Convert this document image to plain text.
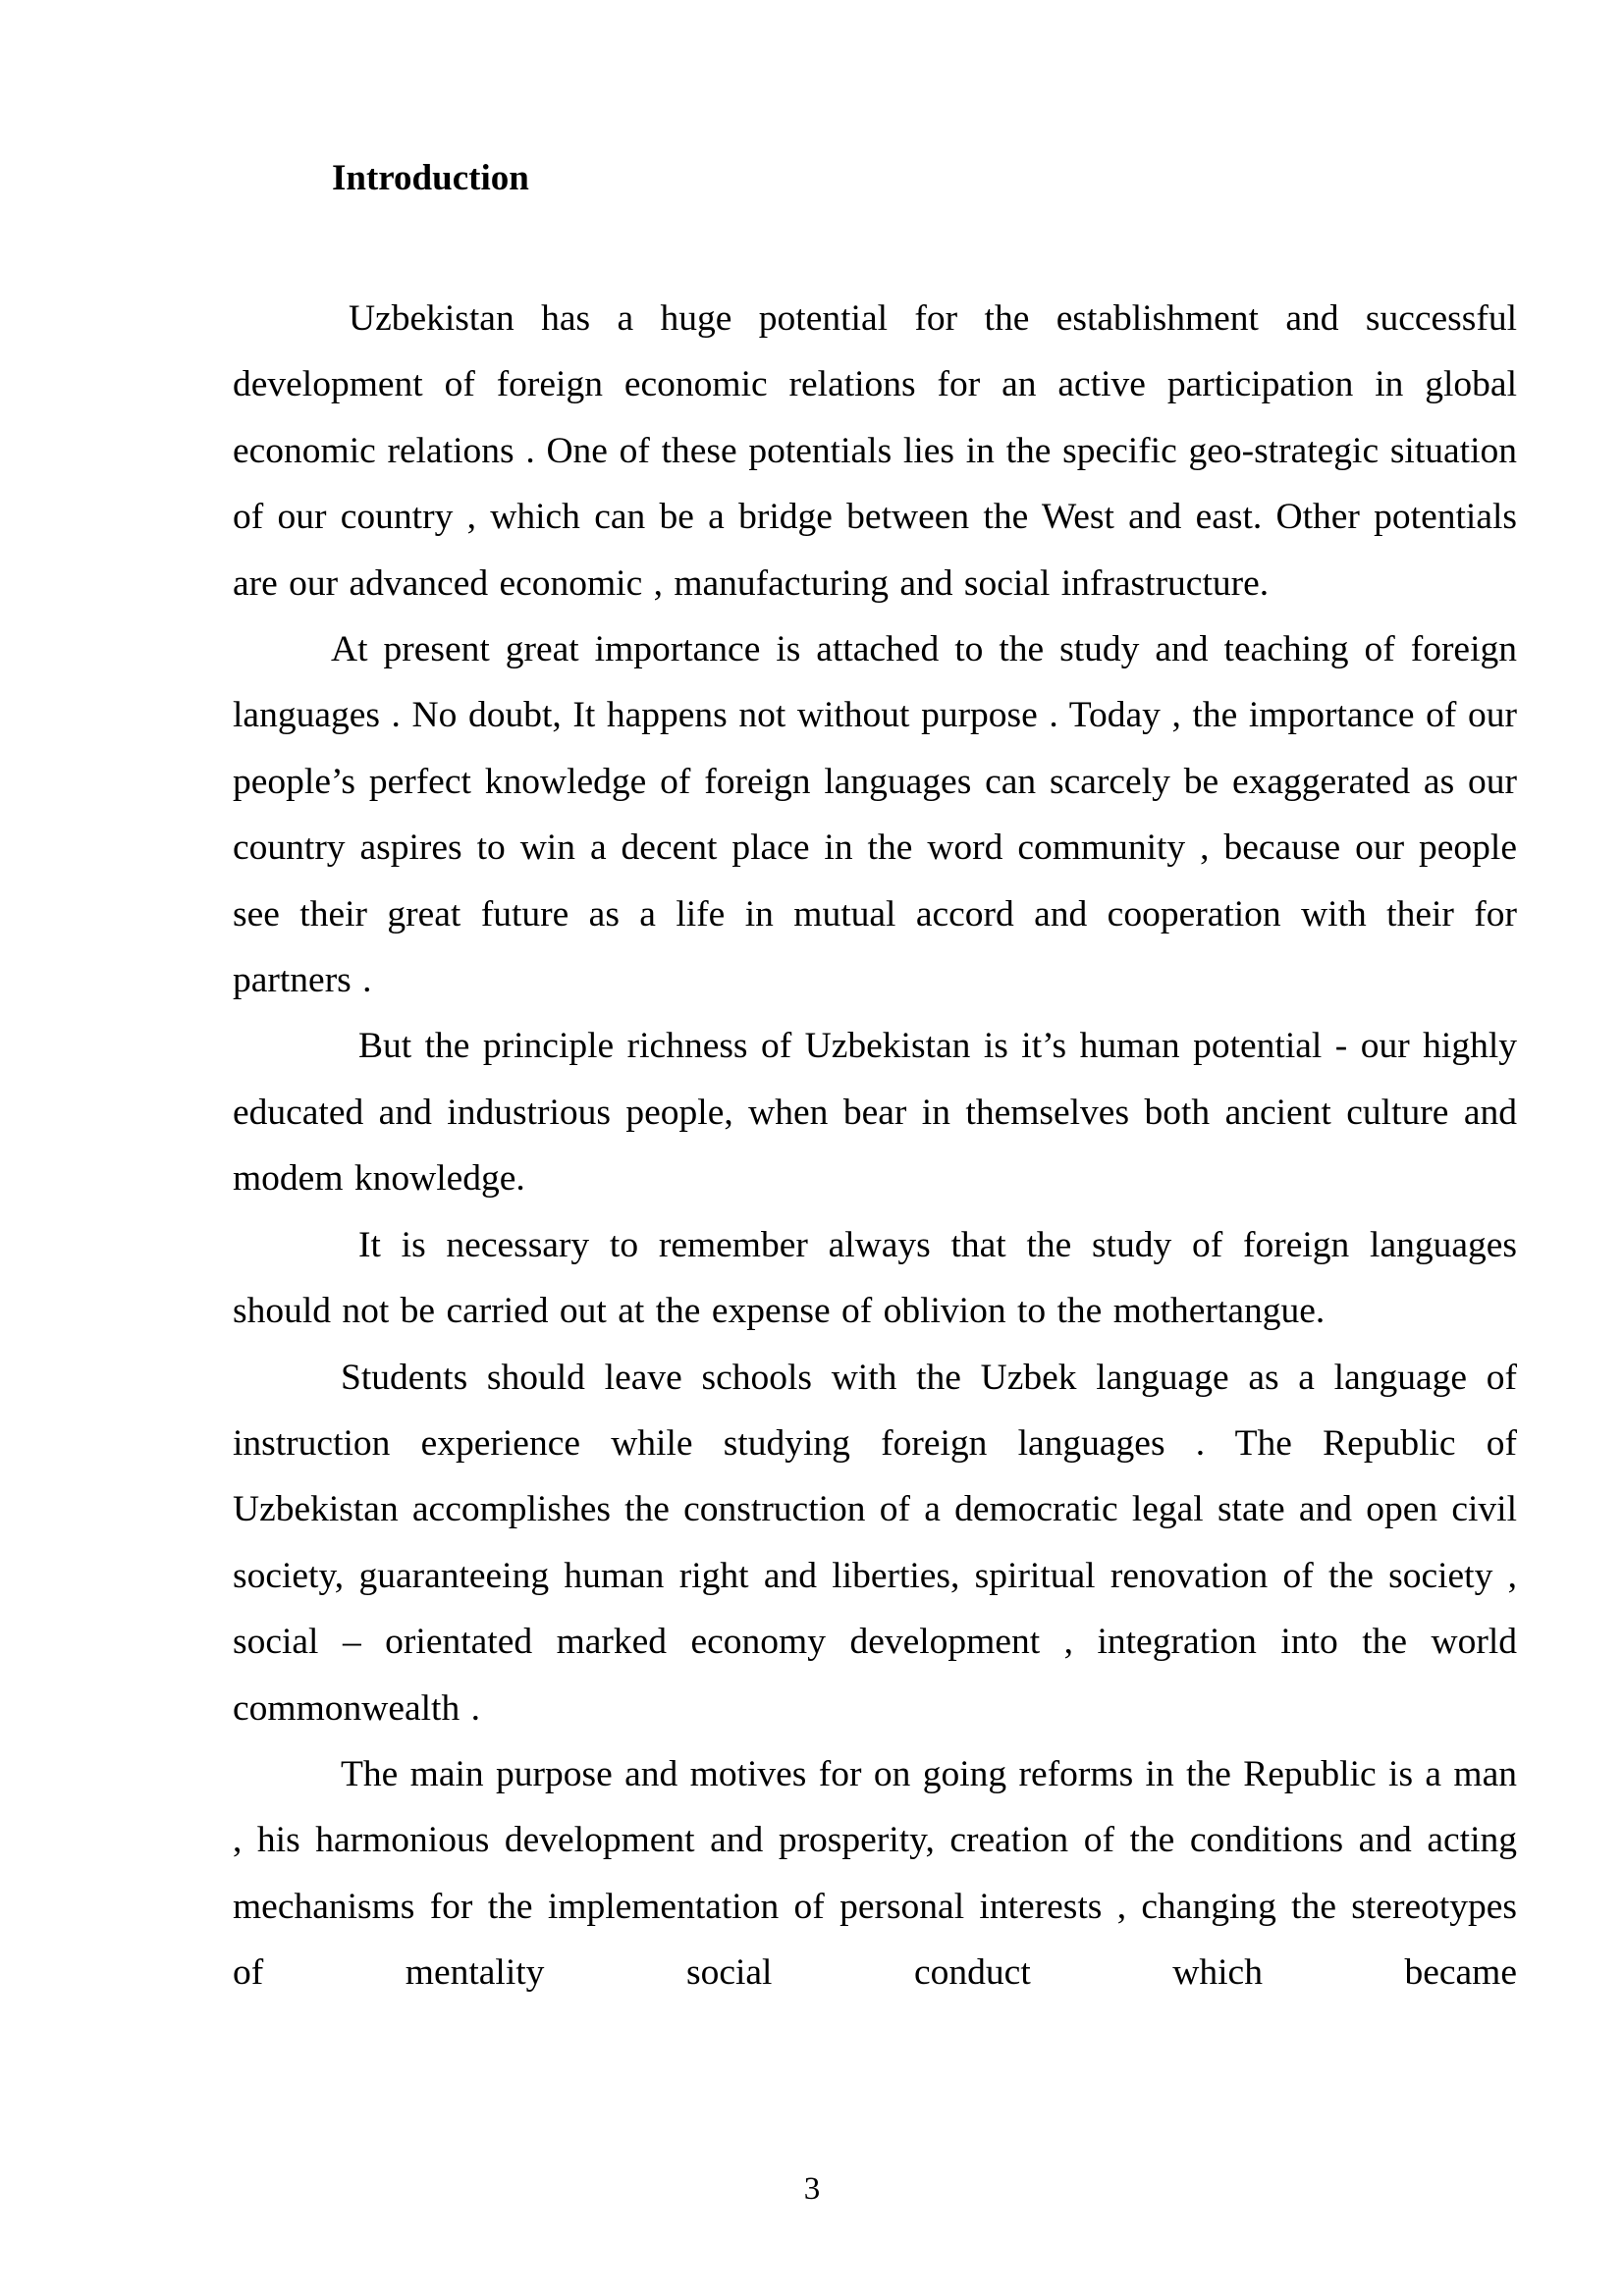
Introduction

Uzbekistan has a huge potential for the establishment and successful development of foreign economic relations for an active participation in global economic relations . One of these potentials lies in the specific geo-strategic situation of our country , which can be a bridge between the West and east. Other potentials are our advanced economic , manufacturing and social infrastructure.

At present great importance is attached to the study and teaching of foreign languages . No doubt, It happens not without purpose . Today , the importance of our people’s perfect knowledge of foreign languages can scarcely be exaggerated as our country aspires to win a decent place in the word community , because our people see their great future as a life in mutual accord and cooperation with their for partners .

But the principle richness of Uzbekistan is it’s human potential - our highly educated and industrious people, when bear in themselves both ancient culture and modem knowledge.

It is necessary to remember always that the study of foreign languages should not be carried out at the expense of oblivion to the mothertangue.

Students should leave schools with the Uzbek language as a language of instruction experience while studying foreign languages . The Republic of Uzbekistan accomplishes the construction of a democratic legal state and open civil society, guaranteeing human right and liberties, spiritual renovation of the society , social – orientated marked economy development , integration into the world commonwealth .

The main purpose and motives for on going reforms in the Republic is a man , his harmonious development and prosperity, creation of the conditions and acting mechanisms for the implementation of personal interests , changing the stereotypes of mentality social conduct which became

3
